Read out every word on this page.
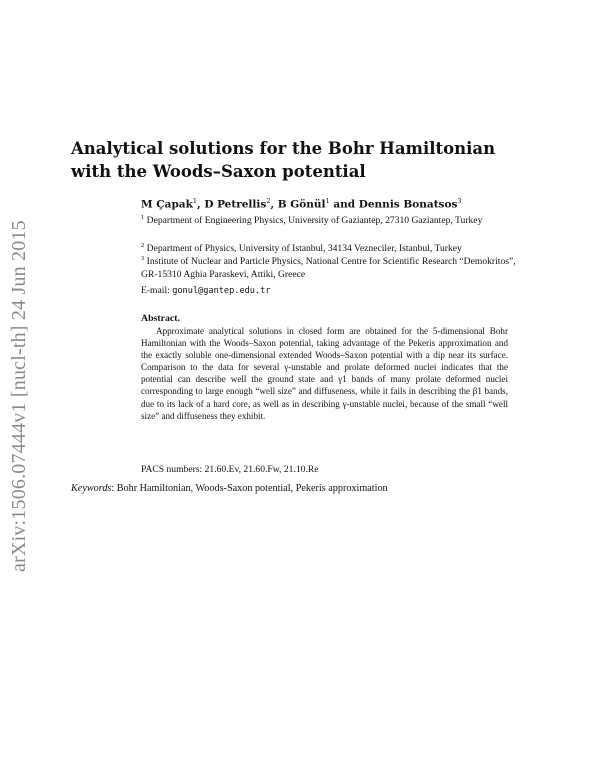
arXiv:1506.07444v1 [nucl-th] 24 Jun 2015
Analytical solutions for the Bohr Hamiltonian with the Woods–Saxon potential
M Çapak$^1$, D Petrellis$^2$, B Gönül$^1$ and Dennis Bonatsos$^3$
$^1$ Department of Engineering Physics, University of Gaziantep, 27310 Gaziantep, Turkey
$^2$ Department of Physics, University of Istanbul, 34134 Vezneciler, Istanbul, Turkey
$^3$ Institute of Nuclear and Particle Physics, National Centre for Scientific Research “Demokritos”, GR-15310 Aghia Paraskevi, Attiki, Greece
E-mail: gonul@gantep.edu.tr
Abstract.

Approximate analytical solutions in closed form are obtained for the 5-dimensional Bohr Hamiltonian with the Woods–Saxon potential, taking advantage of the Pekeris approximation and the exactly soluble one-dimensional extended Woods–Saxon potential with a dip near its surface. Comparison to the data for several γ-unstable and prolate deformed nuclei indicates that the potential can describe well the ground state and γ1 bands of many prolate deformed nuclei corresponding to large enough “well size” and diffuseness, while it fails in describing the β1 bands, due to its lack of a hard core, as well as in describing γ-unstable nuclei, because of the small “well size” and diffuseness they exhibit.

PACS numbers: 21.60.Ev, 21.60.Fw, 21.10.Re
Keywords: Bohr Hamiltonian, Woods-Saxon potential, Pekeris approximation
